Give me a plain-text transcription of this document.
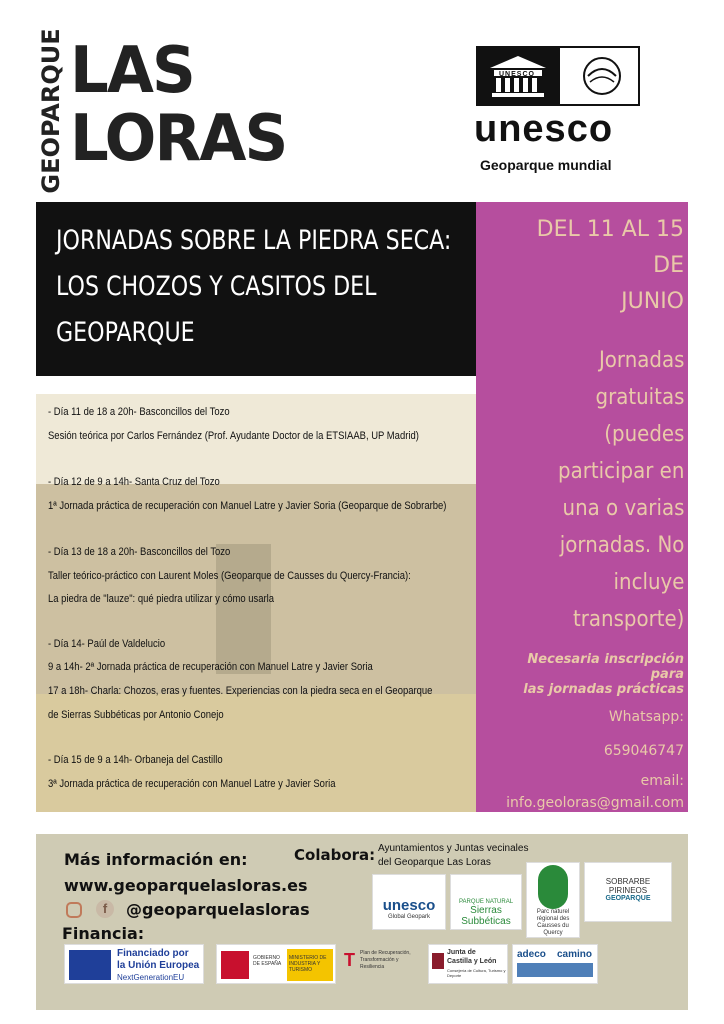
GEOPARQUE LAS
LORAS
UNESCO
unesco
Geoparque mundial
JORNADAS SOBRE LA PIEDRA SECA:
LOS CHOZOS Y CASITOS DEL
GEOPARQUE
DEL 11 AL 15
DE
JUNIO
Jornadas
gratuitas
(puedes
participar en
una o varias
jornadas. No
incluye
transporte)
Necesaria inscripción
para
las jornadas prácticas
Whatsapp:
659046747
email:
info.geoloras@gmail.com
- Día 11 de 18 a 20h- Basconcillos del Tozo
Sesión teórica por Carlos Fernández (Prof. Ayudante Doctor de la ETSIAAB, UP Madrid)
- Día 12 de 9 a 14h- Santa Cruz del Tozo
1ª Jornada práctica de recuperación con Manuel Latre y Javier Soria (Geoparque de Sobrarbe)
- Día 13 de 18 a 20h- Basconcillos del Tozo
Taller teórico-práctico con Laurent Moles (Geoparque de Causses du Quercy-Francia):
La piedra de "lauze": qué piedra utilizar y cómo usarla
- Día 14- Paúl de Valdelucio
9 a 14h- 2ª Jornada práctica de recuperación con Manuel Latre y Javier Soria
17 a 18h- Charla: Chozos, eras y fuentes. Experiencias con la piedra seca en el Geoparque
de Sierras Subbéticas por Antonio Conejo
- Día 15 de 9 a 14h- Orbaneja del Castillo
3ª Jornada práctica de recuperación con Manuel Latre y Javier Soria
Más información en:
www.geoparquelasloras.es
f	@geoparquelasloras
Financia:
Colabora: Ayuntamientos y Juntas vecinales
del Geoparque Las Loras
unesco
Global Geopark
PARQUE NATURAL
Sierras
Subbéticas
Parc naturel régional des Causses du Quercy
SOBRARBE
PIRINEOS
GEOPARQUE
Financiado por
la Unión Europea
NextGenerationEU
GOBIERNO DE ESPAÑA
MINISTERIO DE INDUSTRIA Y TURISMO	T Plan de Recuperación, Transformación y Resiliencia
Junta de
Castilla y León
Consejería de Cultura, Turismo y Deporte
adeco camino
